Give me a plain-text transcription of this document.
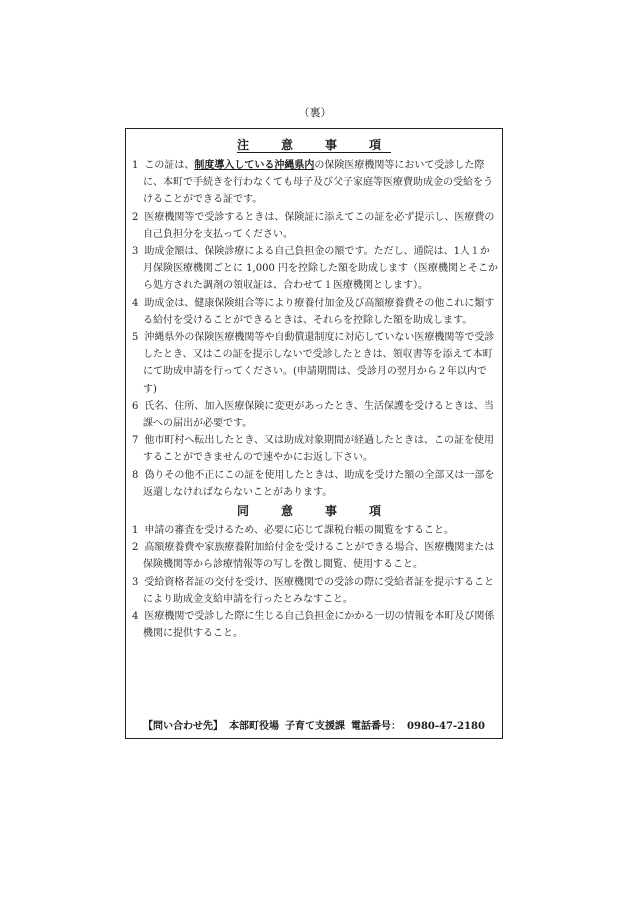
（裏）
注　意　事　項

1 この証は、制度導入している沖縄県内の保険医療機関等において受診した際に、本町で手続きを行わなくても母子及び父子家庭等医療費助成金の受給をうけることができる証です。

2 医療機関等で受診するときは、保険証に添えてこの証を必ず提示し、医療費の自己負担分を支払ってください。

3 助成金額は、保険診療による自己負担金の額です。ただし、通院は、1人１か月保険医療機関ごとに 1,000 円を控除した額を助成します（医療機関とそこから処方された調剤の領収証は、合わせて１医療機関とします）。

4 助成金は、健康保険組合等により療養付加金及び高額療養費その他これに類する給付を受けることができるときは、それらを控除した額を助成します。

5 沖縄県外の保険医療機関等や自動償還制度に対応していない医療機関等で受診したとき、又はこの証を提示しないで受診したときは、領収書等を添えて本町にて助成申請を行ってください。(申請期間は、受診月の翌月から２年以内です)

6 氏名、住所、加入医療保険に変更があったとき、生活保護を受けるときは、当課への届出が必要です。

7 他市町村へ転出したとき、又は助成対象期間が経過したときは、この証を使用することができませんので速やかにお返し下さい。

8 偽りその他不正にこの証を使用したときは、助成を受けた額の全部又は一部を返還しなければならないことがあります。

同　意　事　項

1 申請の審査を受けるため、必要に応じて課税台帳の閲覧をすること。

2 高額療養費や家族療養附加給付金を受けることができる場合、医療機関または保険機関等から診療情報等の写しを徴し閲覧、使用すること。

3 受給資格者証の交付を受け、医療機関での受診の際に受給者証を提示することにより助成金支給申請を行ったとみなすこと。

4 医療機関で受診した際に生じる自己負担金にかかる一切の情報を本町及び関係機関に提供すること。

【問い合わせ先】 本部町役場 子育て支援課 電話番号： 0980-47-2180
